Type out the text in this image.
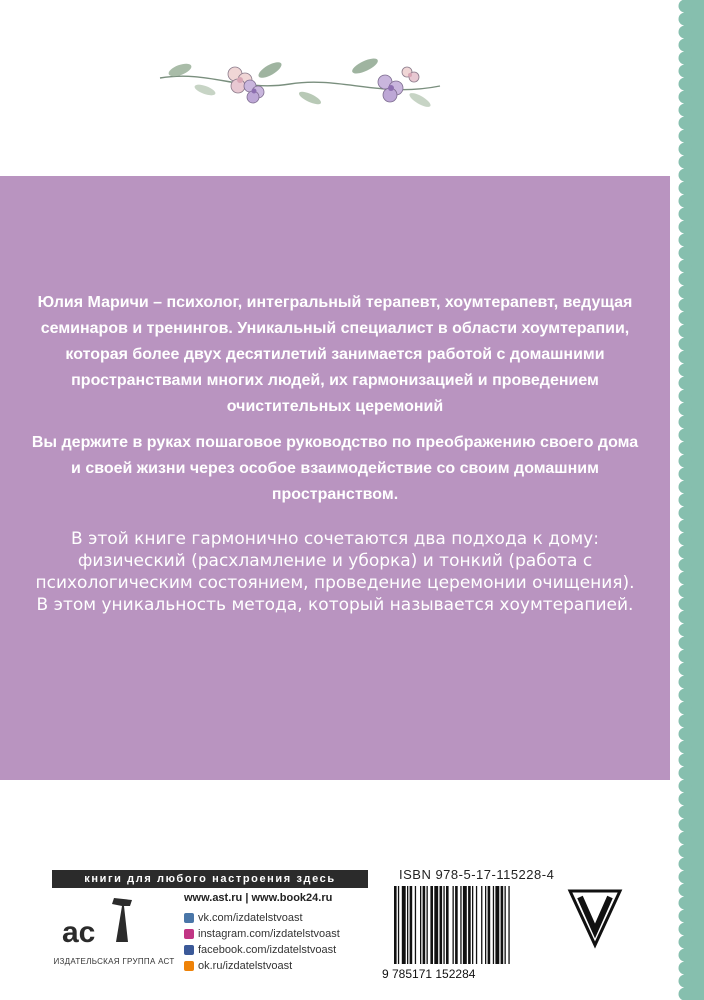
Юлия Маричи – психолог, интегральный терапевт, хоумтерапевт, ведущая семинаров и тренингов. Уникальный специалист в области хоумтерапии, которая более двух десятилетий занимается работой с домашними пространствами многих людей, их гармонизацией и проведением очистительных церемоний

Вы держите в руках пошаговое руководство по преображению своего дома и своей жизни через особое взаимодействие со своим домашним пространством.

В этой книге гармонично сочетаются два подхода к дому: физический (расхламление и уборка) и тонкий (работа с психологическим состоянием, проведение церемонии очищения). В этом уникальность метода, который называется хоумтерапией.

книги для любого настроения здесь
ac
ИЗДАТЕЛЬСКАЯ ГРУППА АСТ
www.ast.ru | www.book24.ru
vk.com/izdatelstvoast
instagram.com/izdatelstvoast
facebook.com/izdatelstvoast
ok.ru/izdatelstvoast
ISBN 978-5-17-115228-4
9 785171 152284
